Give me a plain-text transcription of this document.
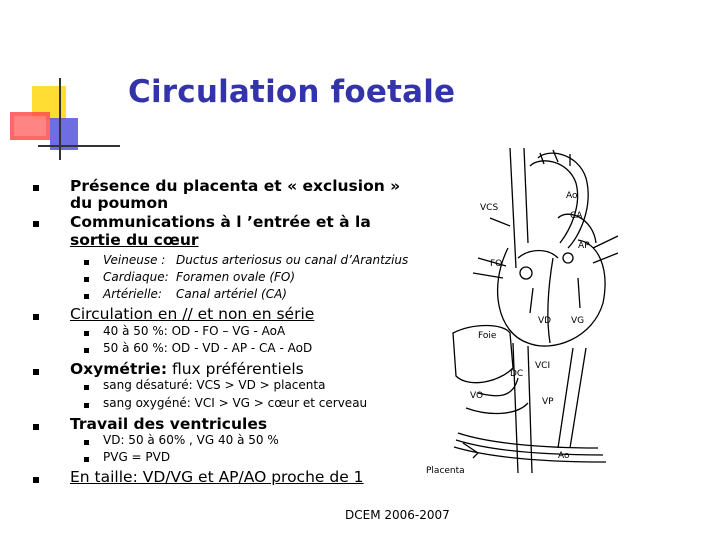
Circulation foetale
Présence du placenta et « exclusion »
du poumon
Communications à l ’entrée et à la
sortie du cœur
Veineuse : Ductus arteriosus ou canal d’Arantzius
Cardiaque: Foramen ovale (FO)
Artérielle: Canal artériel (CA)
Circulation en // et non en série
40 à 50 %: OD - FO – VG - AoA
50 à 60 %: OD - VD - AP - CA - AoD
Oxymétrie: flux préférentiels
sang désaturé: VCS > VD > placenta
sang oxygéné: VCI > VG > cœur et cerveau
Travail des ventricules
VD: 50 à 60% , VG 40 à 50 %
PVG = PVD
En taille: VD/VG et AP/AO proche de 1
Ao
VCS
CA
AP
FO
VD VG
Foie
VCI
DC
VO
VP
Ao
Placenta
DCEM 2006-2007
